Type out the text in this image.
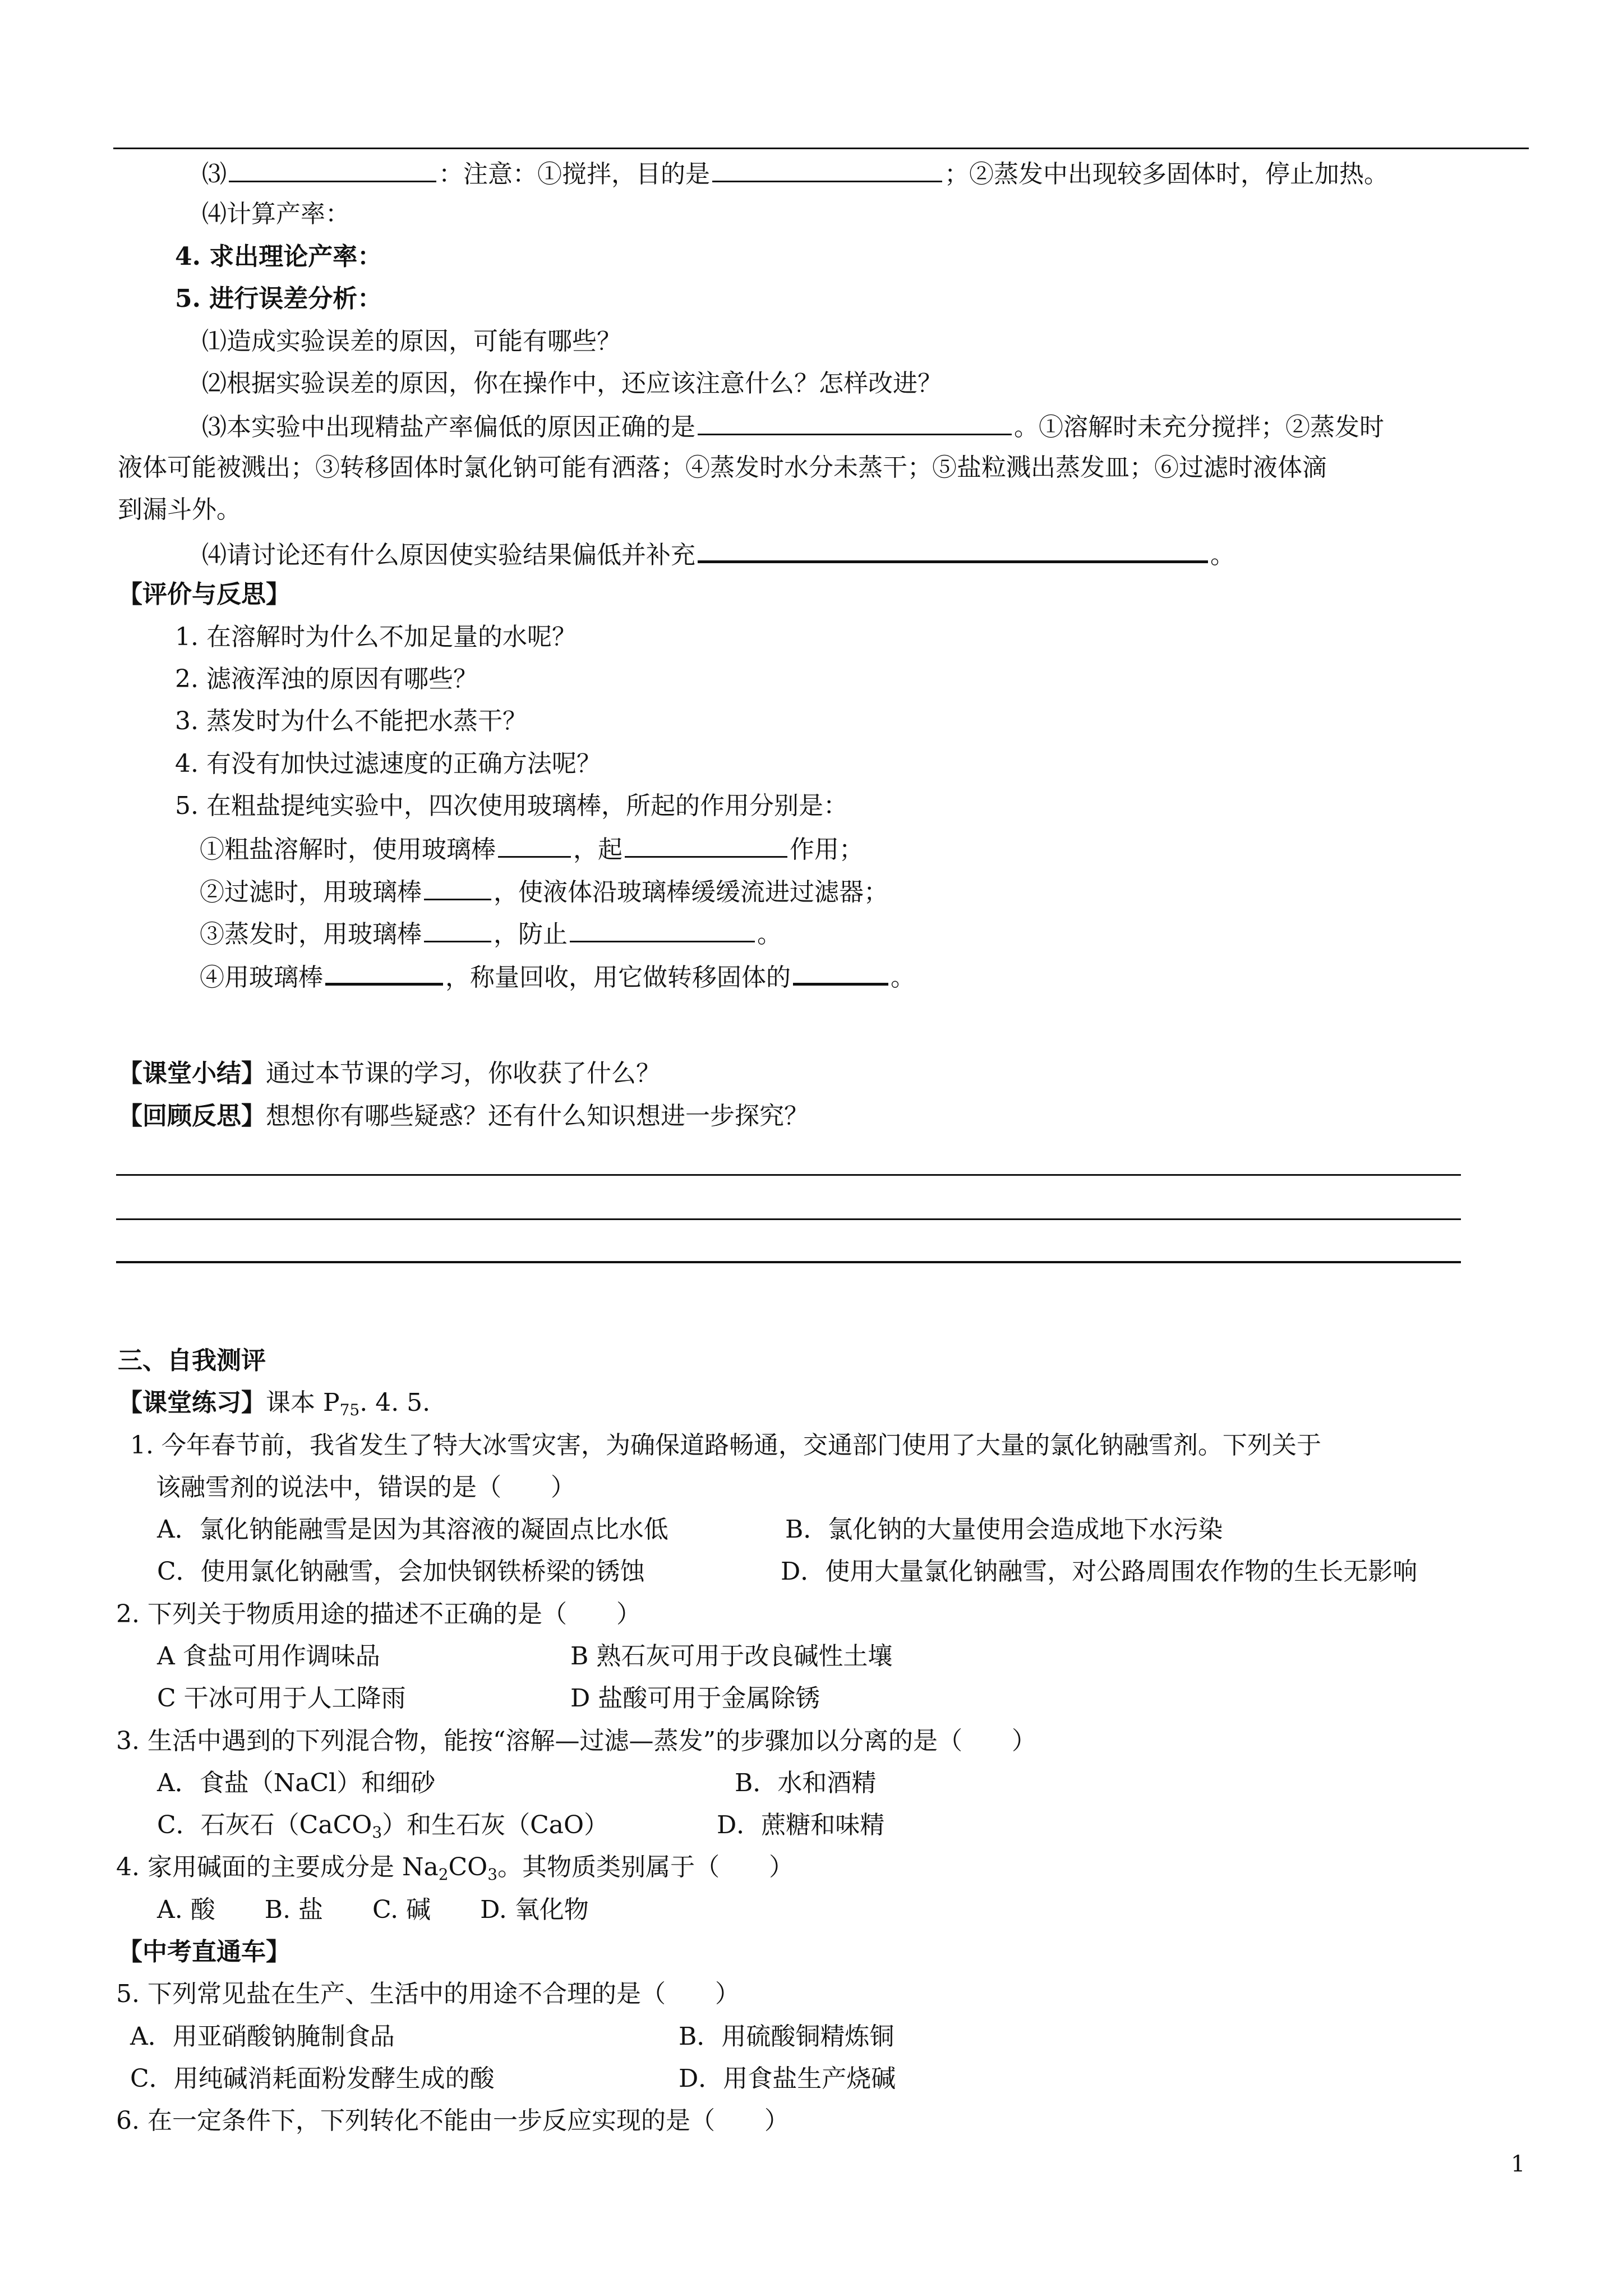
⑶	：注意：①搅拌，目的是	；②蒸发中出现较多固体时，停止加热。
⑷计算产率：
4. 求出理论产率：
5. 进行误差分析：
⑴造成实验误差的原因，可能有哪些？
⑵根据实验误差的原因，你在操作中，还应该注意什么？怎样改进？
⑶本实验中出现精盐产率偏低的原因正确的是	。①溶解时未充分搅拌；②蒸发时
液体可能被溅出；③转移固体时氯化钠可能有洒落；④蒸发时水分未蒸干；⑤盐粒溅出蒸发皿；⑥过滤时液体滴
到漏斗外。
⑷请讨论还有什么原因使实验结果偏低并补充	。
【评价与反思】
1. 在溶解时为什么不加足量的水呢？
2. 滤液浑浊的原因有哪些？
3. 蒸发时为什么不能把水蒸干？
4. 有没有加快过滤速度的正确方法呢？
5. 在粗盐提纯实验中，四次使用玻璃棒，所起的作用分别是：
①粗盐溶解时，使用玻璃棒	，起	作用；
②过滤时，用玻璃棒	，使液体沿玻璃棒缓缓流进过滤器；
③蒸发时，用玻璃棒	，防止	。
④用玻璃棒	，称量回收，用它做转移固体的	。
【课堂小结】通过本节课的学习，你收获了什么？
【回顾反思】想想你有哪些疑惑？还有什么知识想进一步探究？
三、自我测评
【课堂练习】课本 $P_{75}$. 4. 5.
1. 今年春节前，我省发生了特大冰雪灾害，为确保道路畅通，交通部门使用了大量的氯化钠融雪剂。下列关于
该融雪剂的说法中，错误的是（　　）
A．氯化钠能融雪是因为其溶液的凝固点比水低	B．氯化钠的大量使用会造成地下水污染
C．使用氯化钠融雪，会加快钢铁桥梁的锈蚀	D．使用大量氯化钠融雪，对公路周围农作物的生长无影响
2. 下列关于物质用途的描述不正确的是（　　）
A 食盐可用作调味品	B 熟石灰可用于改良碱性土壤
C 干冰可用于人工降雨	D 盐酸可用于金属除锈
3. 生活中遇到的下列混合物，能按“溶解—过滤—蒸发”的步骤加以分离的是（　　）
A．食盐（NaCl）和细砂	B．水和酒精
C．石灰石（CaCO$_3$）和生石灰（CaO）	D．蔗糖和味精
4. 家用碱面的主要成分是 $Na_2CO_3$。其物质类别属于（　　）
A. 酸　　B. 盐　　C. 碱　　D. 氧化物
【中考直通车】
5. 下列常见盐在生产、生活中的用途不合理的是（　　）
A．用亚硝酸钠腌制食品	B．用硫酸铜精炼铜
C．用纯碱消耗面粉发酵生成的酸	D．用食盐生产烧碱
6. 在一定条件下，下列转化不能由一步反应实现的是（　　）
1
